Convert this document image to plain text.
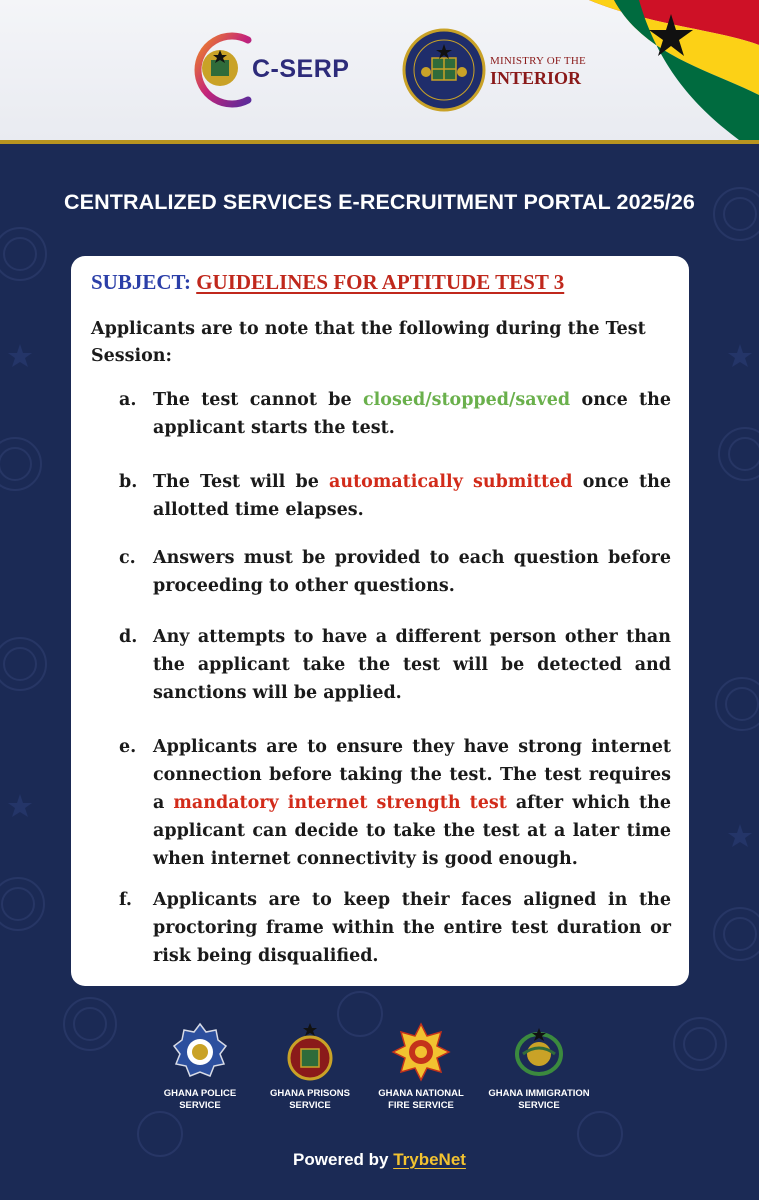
C-SERP	MINISTRY OF THE
INTERIOR
CENTRALIZED SERVICES E-RECRUITMENT PORTAL 2025/26
SUBJECT: GUIDELINES FOR APTITUDE TEST 3
Applicants are to note that the following during the Test Session:
a. The test cannot be closed/stopped/saved once the applicant starts the test.
b. The Test will be automatically submitted once the allotted time elapses.
c. Answers must be provided to each question before proceeding to other questions.
d. Any attempts to have a different person other than the applicant take the test will be detected and sanctions will be applied.
e. Applicants are to ensure they have strong internet connection before taking the test. The test requires a mandatory internet strength test after which the applicant can decide to take the test at a later time when internet connectivity is good enough.
f.	Applicants are to keep their faces aligned in the proctoring frame within the entire test duration or risk being disqualified.
GHANA POLICE
SERVICE
GHANA PRISONS
SERVICE
GHANA NATIONAL
FIRE SERVICE
GHANA IMMIGRATION
SERVICE
Powered by TrybeNet
